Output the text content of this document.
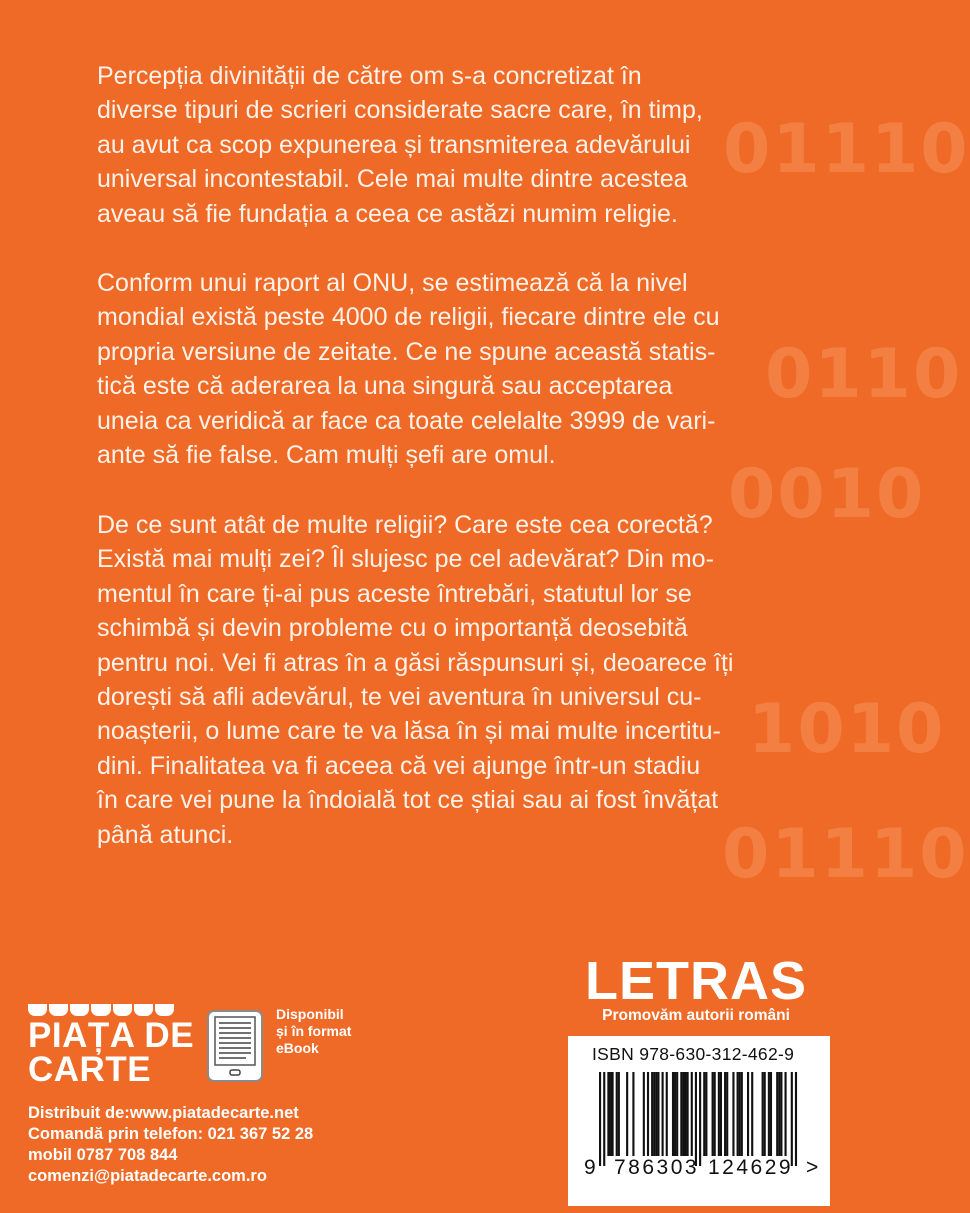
01110
0110
0010
1010
01110
Percepția divinității de către om s-a concretizat în
diverse tipuri de scrieri considerate sacre care, în timp,
au avut ca scop expunerea și transmiterea adevărului
universal incontestabil. Cele mai multe dintre acestea
aveau să fie fundația a ceea ce astăzi numim religie.
Conform unui raport al ONU, se estimează că la nivel
mondial există peste 4000 de religii, fiecare dintre ele cu
propria versiune de zeitate. Ce ne spune această statis-
tică este că aderarea la una singură sau acceptarea
uneia ca veridică ar face ca toate celelalte 3999 de vari-
ante să fie false. Cam mulți șefi are omul.
De ce sunt atât de multe religii? Care este cea corectă?
Există mai mulți zei? Îl slujesc pe cel adevărat? Din mo-
mentul în care ți-ai pus aceste întrebări, statutul lor se
schimbă și devin probleme cu o importanță deosebită
pentru noi. Vei fi atras în a găsi răspunsuri și, deoarece îți
dorești să afli adevărul, te vei aventura în universul cu-
noașterii, o lume care te va lăsa în și mai multe incertitu-
dini. Finalitatea va fi aceea că vei ajunge într-un stadiu
în care vei pune la îndoială tot ce știai sau ai fost învățat
până atunci.
PIAȚA DE
CARTE
Disponibil
și în format
eBook
Distribuit de:www.piatadecarte.net
Comandă prin telefon: 021 367 52 28
mobil 0787 708 844
comenzi@piatadecarte.com.ro
LETRAS
Promovăm autorii români
ISBN 978-630-312-462-9
9 786303 124629 >
